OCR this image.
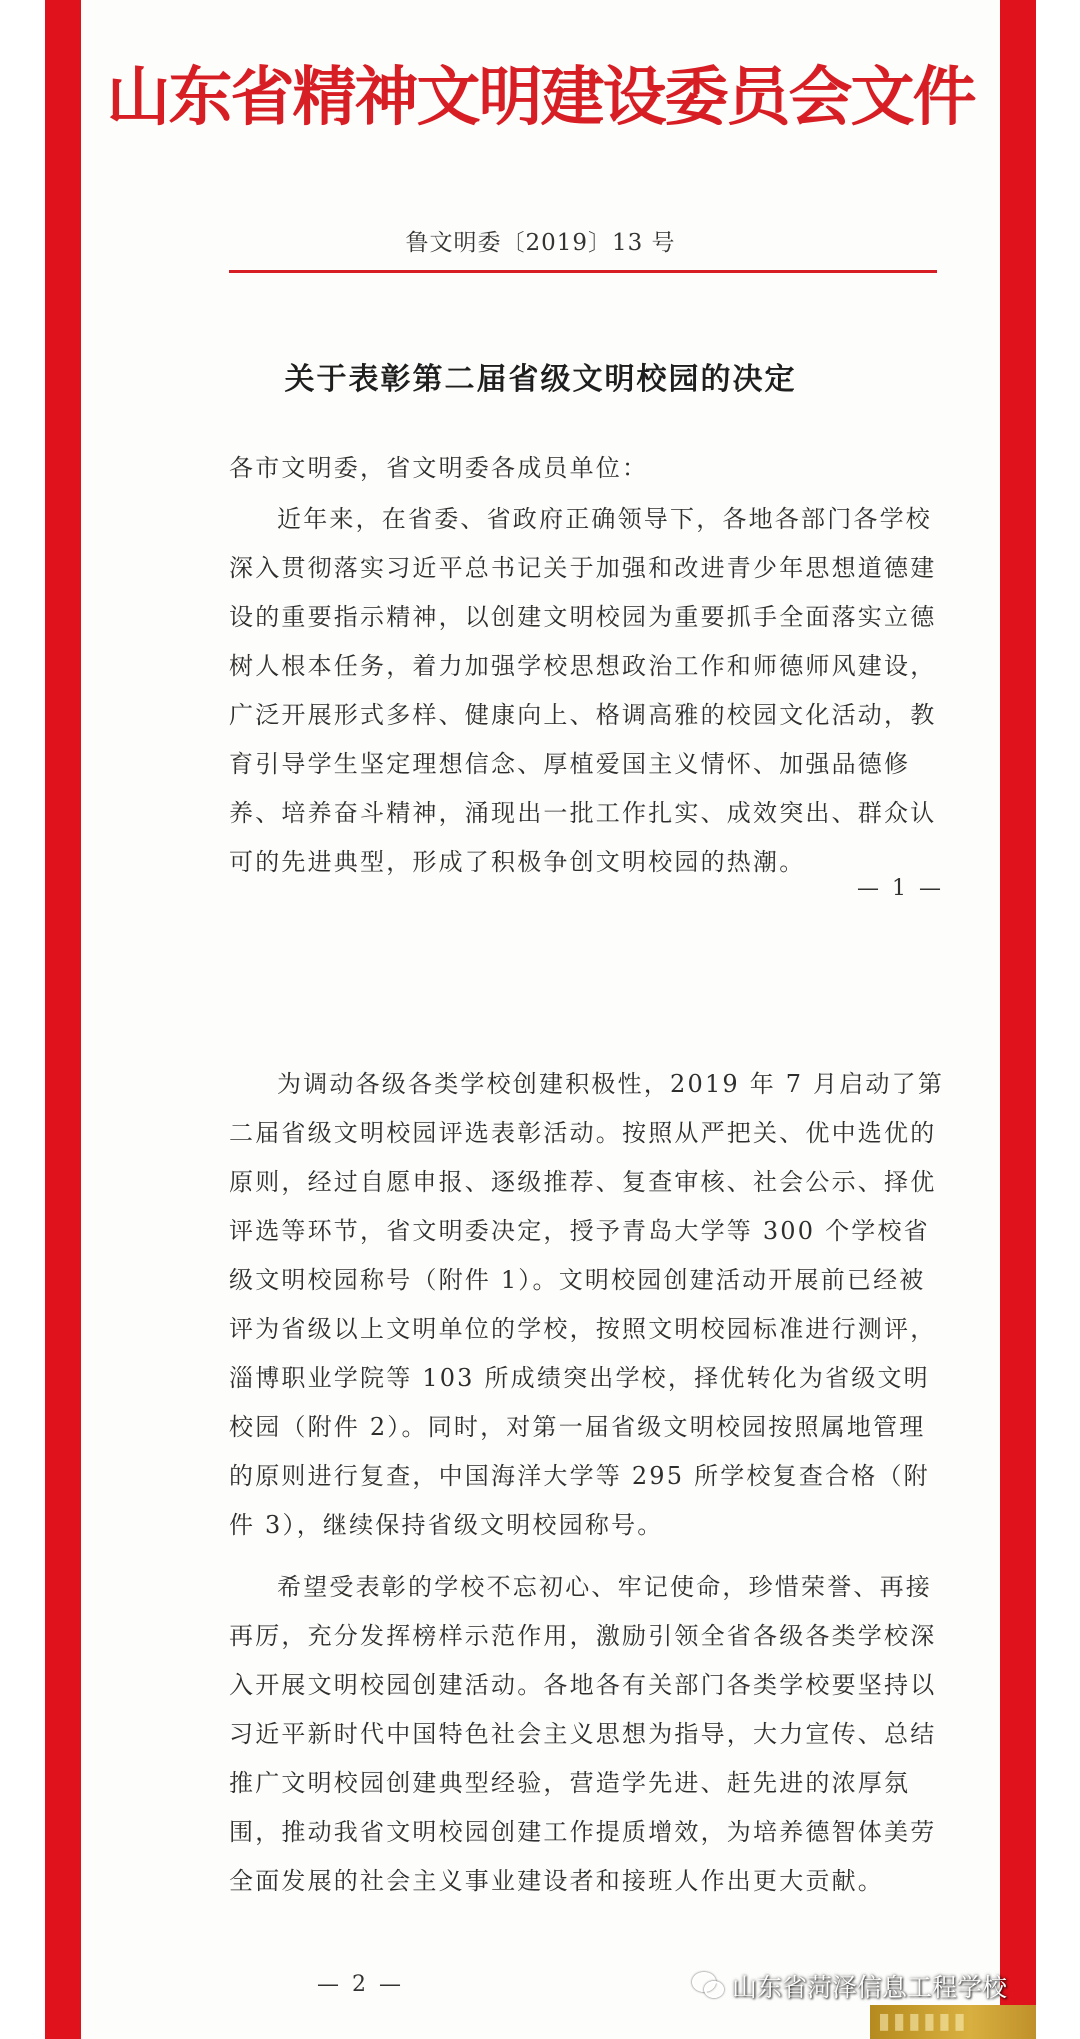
山东省精神文明建设委员会文件
鲁文明委〔2019〕13 号
关于表彰第二届省级文明校园的决定
各市文明委，省文明委各成员单位：
近年来，在省委、省政府正确领导下，各地各部门各学校深入贯彻落实习近平总书记关于加强和改进青少年思想道德建设的重要指示精神，以创建文明校园为重要抓手全面落实立德树人根本任务，着力加强学校思想政治工作和师德师风建设，广泛开展形式多样、健康向上、格调高雅的校园文化活动，教育引导学生坚定理想信念、厚植爱国主义情怀、加强品德修养、培养奋斗精神，涌现出一批工作扎实、成效突出、群众认可的先进典型，形成了积极争创文明校园的热潮。
— 1 —
为调动各级各类学校创建积极性，2019 年 7 月启动了第二届省级文明校园评选表彰活动。按照从严把关、优中选优的原则，经过自愿申报、逐级推荐、复查审核、社会公示、择优评选等环节，省文明委决定，授予青岛大学等 300 个学校省级文明校园称号（附件 1）。文明校园创建活动开展前已经被评为省级以上文明单位的学校，按照文明校园标准进行测评，淄博职业学院等 103 所成绩突出学校，择优转化为省级文明校园（附件 2）。同时，对第一届省级文明校园按照属地管理的原则进行复查，中国海洋大学等 295 所学校复查合格（附件 3），继续保持省级文明校园称号。
希望受表彰的学校不忘初心、牢记使命，珍惜荣誉、再接再厉，充分发挥榜样示范作用，激励引领全省各级各类学校深入开展文明校园创建活动。各地各有关部门各类学校要坚持以习近平新时代中国特色社会主义思想为指导，大力宣传、总结推广文明校园创建典型经验，营造学先进、赶先进的浓厚氛围，推动我省文明校园创建工作提质增效，为培养德智体美劳全面发展的社会主义事业建设者和接班人作出更大贡献。
— 2 —	山东省菏泽信息工程学校
▮▮▮▮▮▮
